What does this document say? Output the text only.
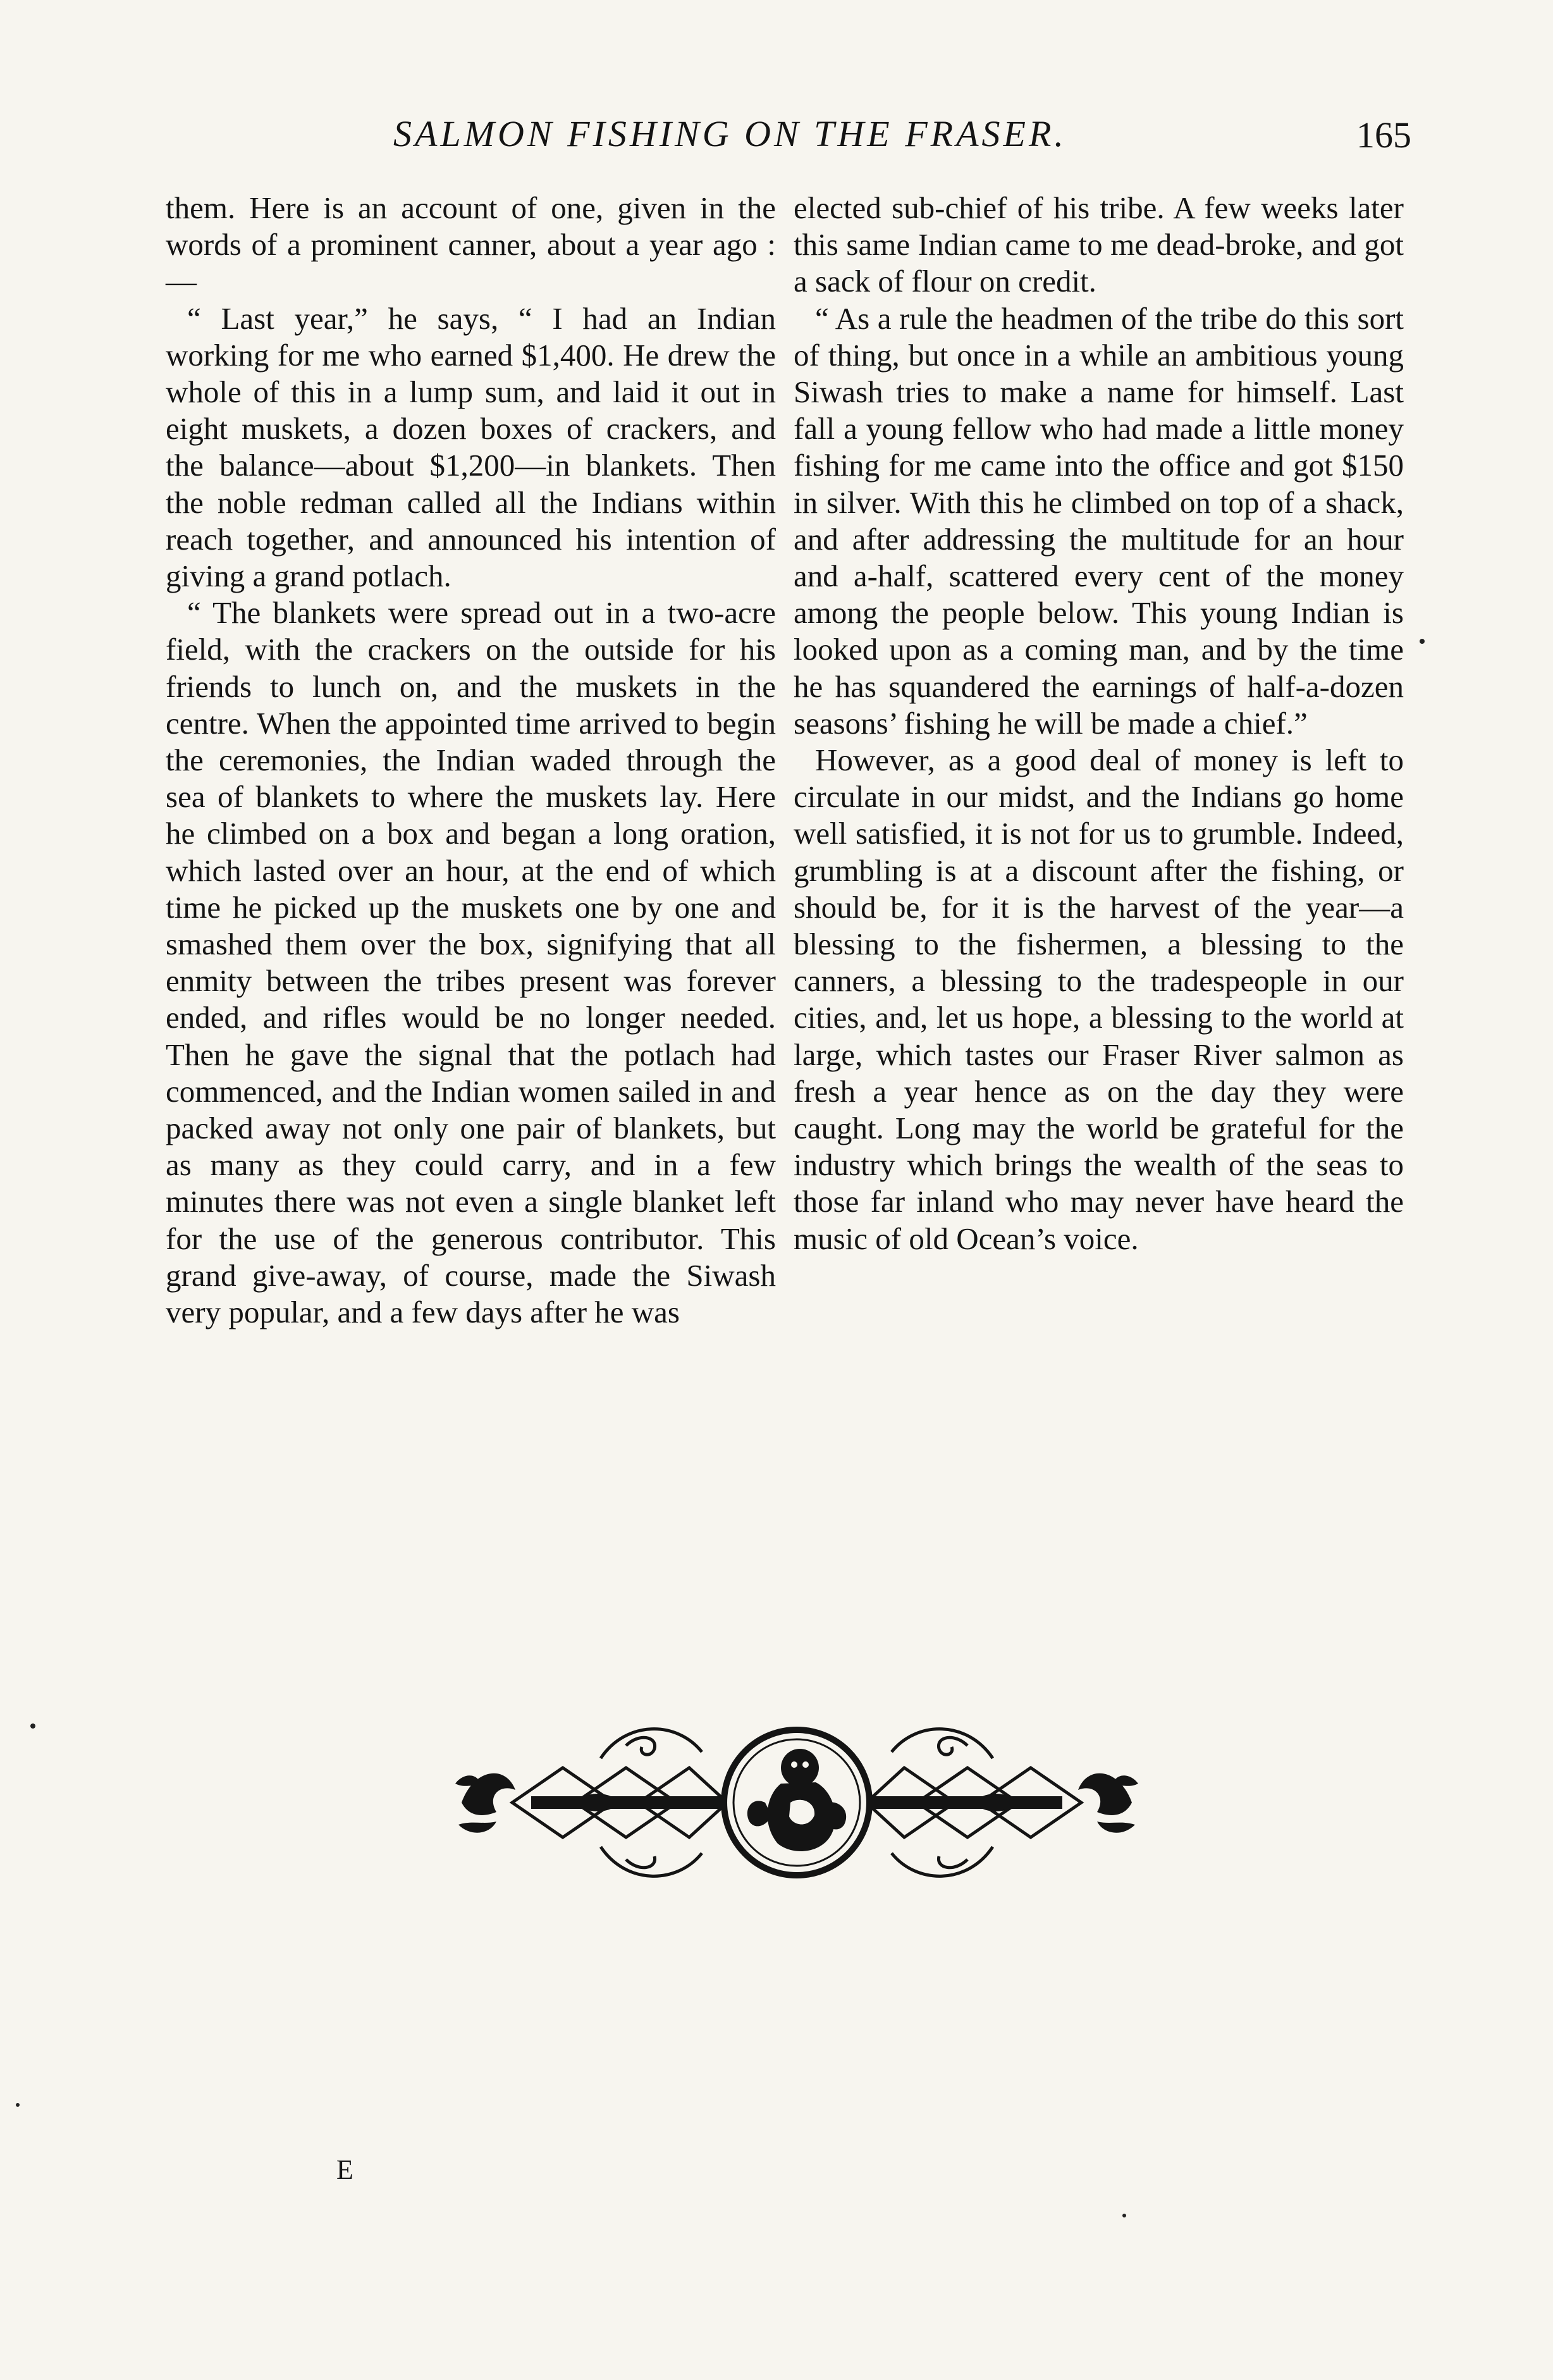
SALMON FISHING ON THE FRASER.	165

them. Here is an account of one, given in the words of a prominent canner, about a year ago :—

“ Last year,” he says, “ I had an Indian working for me who earned $1,400. He drew the whole of this in a lump sum, and laid it out in eight muskets, a dozen boxes of crackers, and the balance—about $1,200—in blankets. Then the noble redman called all the Indians within reach together, and announced his intention of giving a grand potlach.

“ The blankets were spread out in a two-acre field, with the crackers on the outside for his friends to lunch on, and the muskets in the centre. When the appointed time arrived to begin the ceremonies, the Indian waded through the sea of blankets to where the muskets lay. Here he climbed on a box and began a long oration, which lasted over an hour, at the end of which time he picked up the muskets one by one and smashed them over the box, signifying that all enmity between the tribes present was forever ended, and rifles would be no longer needed. Then he gave the signal that the potlach had commenced, and the Indian women sailed in and packed away not only one pair of blankets, but as many as they could carry, and in a few minutes there was not even a single blanket left for the use of the generous contributor. This grand give-away, of course, made the Siwash very popular, and a few days after he was

elected sub-chief of his tribe. A few weeks later this same Indian came to me dead-broke, and got a sack of flour on credit.

“ As a rule the headmen of the tribe do this sort of thing, but once in a while an ambitious young Siwash tries to make a name for himself. Last fall a young fellow who had made a little money fishing for me came into the office and got $150 in silver. With this he climbed on top of a shack, and after addressing the multitude for an hour and a-half, scattered every cent of the money among the people below. This young Indian is looked upon as a coming man, and by the time he has squandered the earnings of half-a-dozen seasons’ fishing he will be made a chief.”

However, as a good deal of money is left to circulate in our midst, and the Indians go home well satisfied, it is not for us to grumble. Indeed, grumbling is at a discount after the fishing, or should be, for it is the harvest of the year—a blessing to the fishermen, a blessing to the canners, a blessing to the tradespeople in our cities, and, let us hope, a blessing to the world at large, which tastes our Fraser River salmon as fresh a year hence as on the day they were caught. Long may the world be grateful for the industry which brings the wealth of the seas to those far inland who may never have heard the music of old Ocean’s voice.

E
